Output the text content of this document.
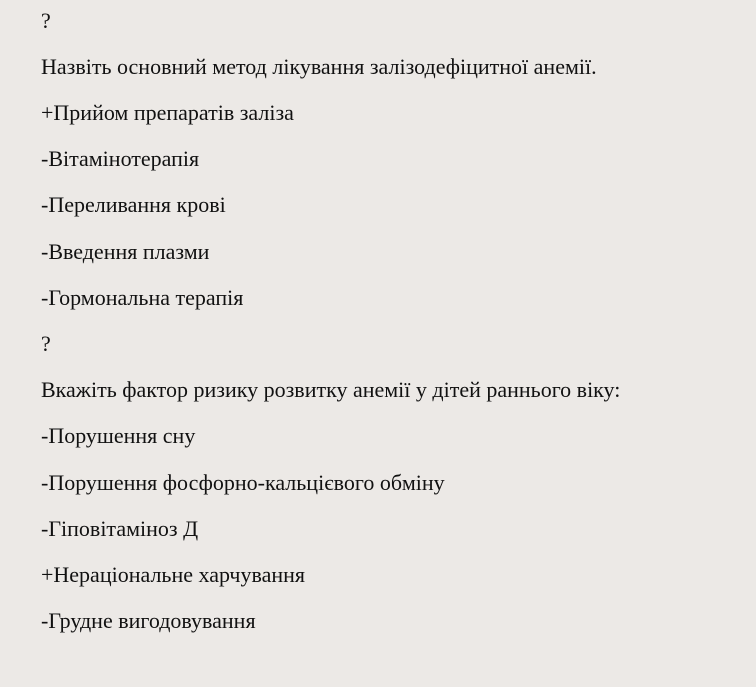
?
Назвіть основний метод лікування залізодефіцитної анемії.
+Прийом препаратів заліза
-Вітамінотерапія
-Переливання крові
-Введення плазми
-Гормональна терапія
?
Вкажіть фактор ризику розвитку анемії у дітей раннього віку:
-Порушення сну
-Порушення фосфорно-кальцієвого обміну
-Гіповітаміноз Д
+Нераціональне харчування
-Грудне вигодовування
